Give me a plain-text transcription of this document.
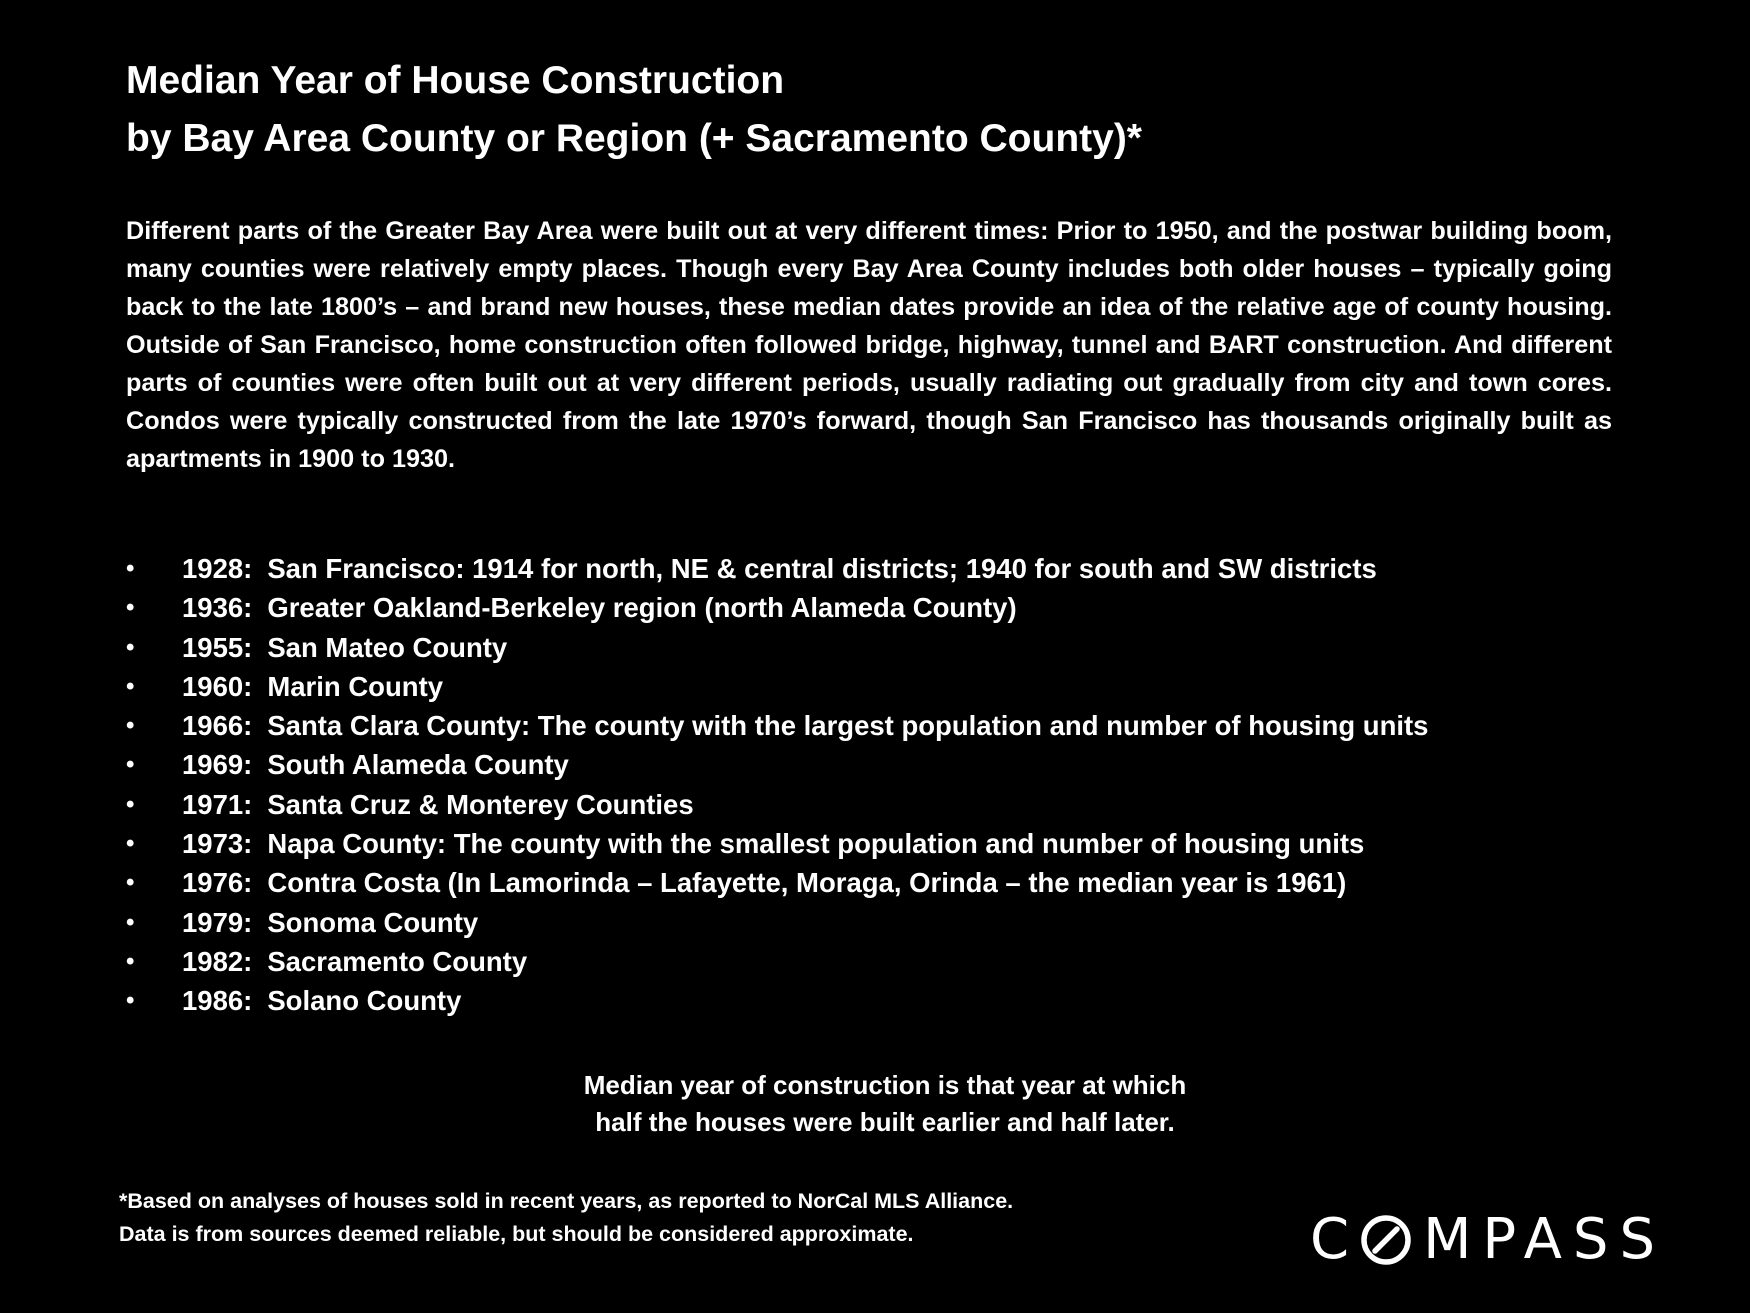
Median Year of House Construction
by Bay Area County or Region (+ Sacramento County)*

Different parts of the Greater Bay Area were built out at very different times: Prior to 1950, and the postwar building boom, many counties were relatively empty places. Though every Bay Area County includes both older houses – typically going back to the late 1800’s – and brand new houses, these median dates provide an idea of the relative age of county housing. Outside of San Francisco, home construction often followed bridge, highway, tunnel and BART construction. And different parts of counties were often built out at very different periods, usually radiating out gradually from city and town cores. Condos were typically constructed from the late 1970’s forward, though San Francisco has thousands originally built as apartments in 1900 to 1930.

• 1928: San Francisco: 1914 for north, NE & central districts; 1940 for south and SW districts
• 1936: Greater Oakland-Berkeley region (north Alameda County)
• 1955: San Mateo County
• 1960: Marin County
• 1966: Santa Clara County: The county with the largest population and number of housing units
• 1969: South Alameda County
• 1971: Santa Cruz & Monterey Counties
• 1973: Napa County: The county with the smallest population and number of housing units
• 1976: Contra Costa (In Lamorinda – Lafayette, Moraga, Orinda – the median year is 1961)
• 1979: Sonoma County
• 1982: Sacramento County
• 1986: Solano County

Median year of construction is that year at which
half the houses were built earlier and half later.

*Based on analyses of houses sold in recent years, as reported to NorCal MLS Alliance.
Data is from sources deemed reliable, but should be considered approximate.	C MPASS
